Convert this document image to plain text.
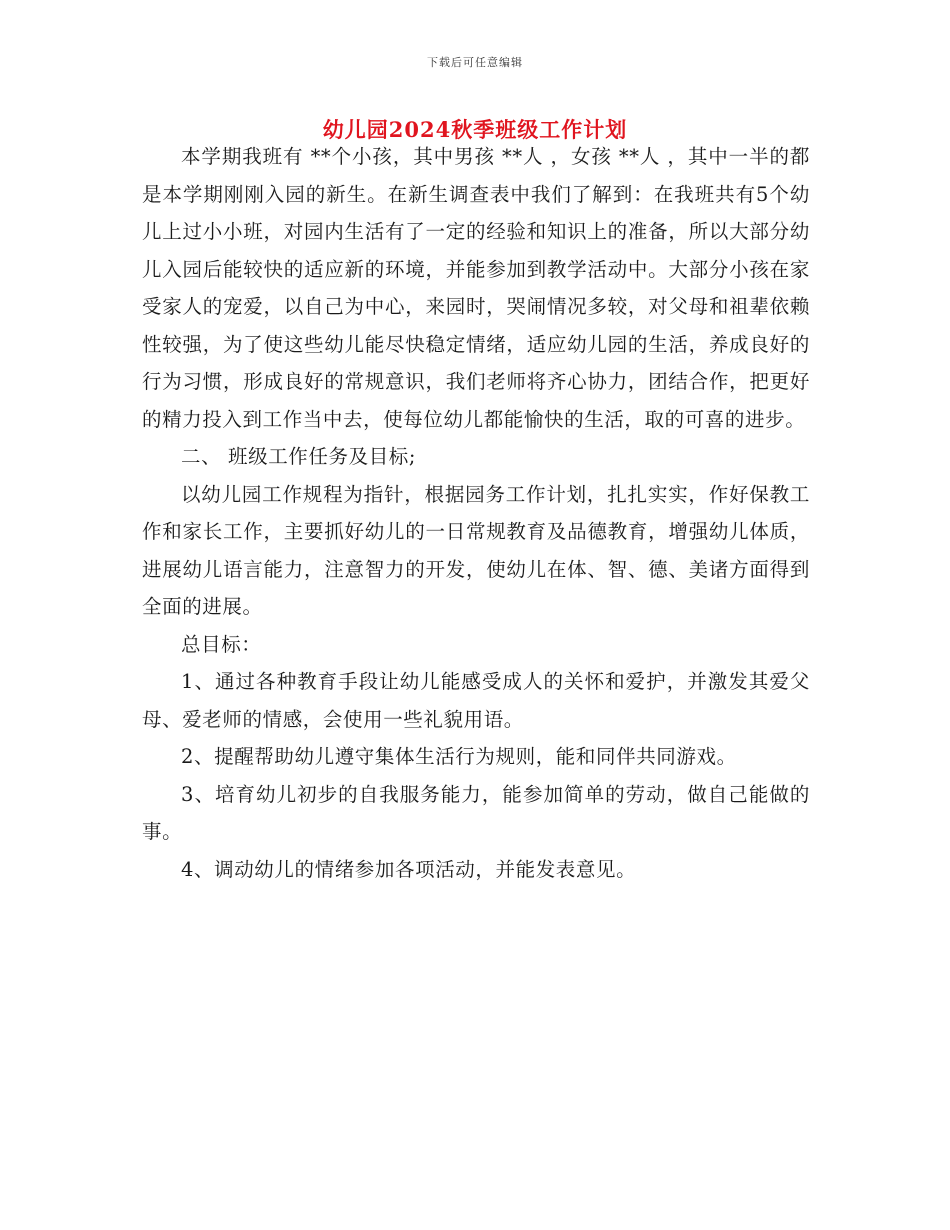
下载后可任意编辑
幼儿园2024秋季班级工作计划

本学期我班有 **个小孩，其中男孩 **人 ，女孩 **人 ，其中一半的都是本学期刚刚入园的新生。在新生调查表中我们了解到：在我班共有5个幼儿上过小小班，对园内生活有了一定的经验和知识上的准备，所以大部分幼儿入园后能较快的适应新的环境，并能参加到教学活动中。大部分小孩在家受家人的宠爱，以自己为中心，来园时，哭闹情况多较，对父母和祖辈依赖性较强，为了使这些幼儿能尽快稳定情绪，适应幼儿园的生活，养成良好的行为习惯，形成良好的常规意识，我们老师将齐心协力，团结合作，把更好的精力投入到工作当中去，使每位幼儿都能愉快的生活，取的可喜的进步。

二、 班级工作任务及目标;

以幼儿园工作规程为指针，根据园务工作计划，扎扎实实，作好保教工作和家长工作，主要抓好幼儿的一日常规教育及品德教育，增强幼儿体质，进展幼儿语言能力，注意智力的开发，使幼儿在体、智、德、美诸方面得到全面的进展。

总目标：

1、通过各种教育手段让幼儿能感受成人的关怀和爱护，并激发其爱父母、爱老师的情感，会使用一些礼貌用语。

2、提醒帮助幼儿遵守集体生活行为规则，能和同伴共同游戏。

3、培育幼儿初步的自我服务能力，能参加简单的劳动，做自己能做的事。

4、调动幼儿的情绪参加各项活动，并能发表意见。
